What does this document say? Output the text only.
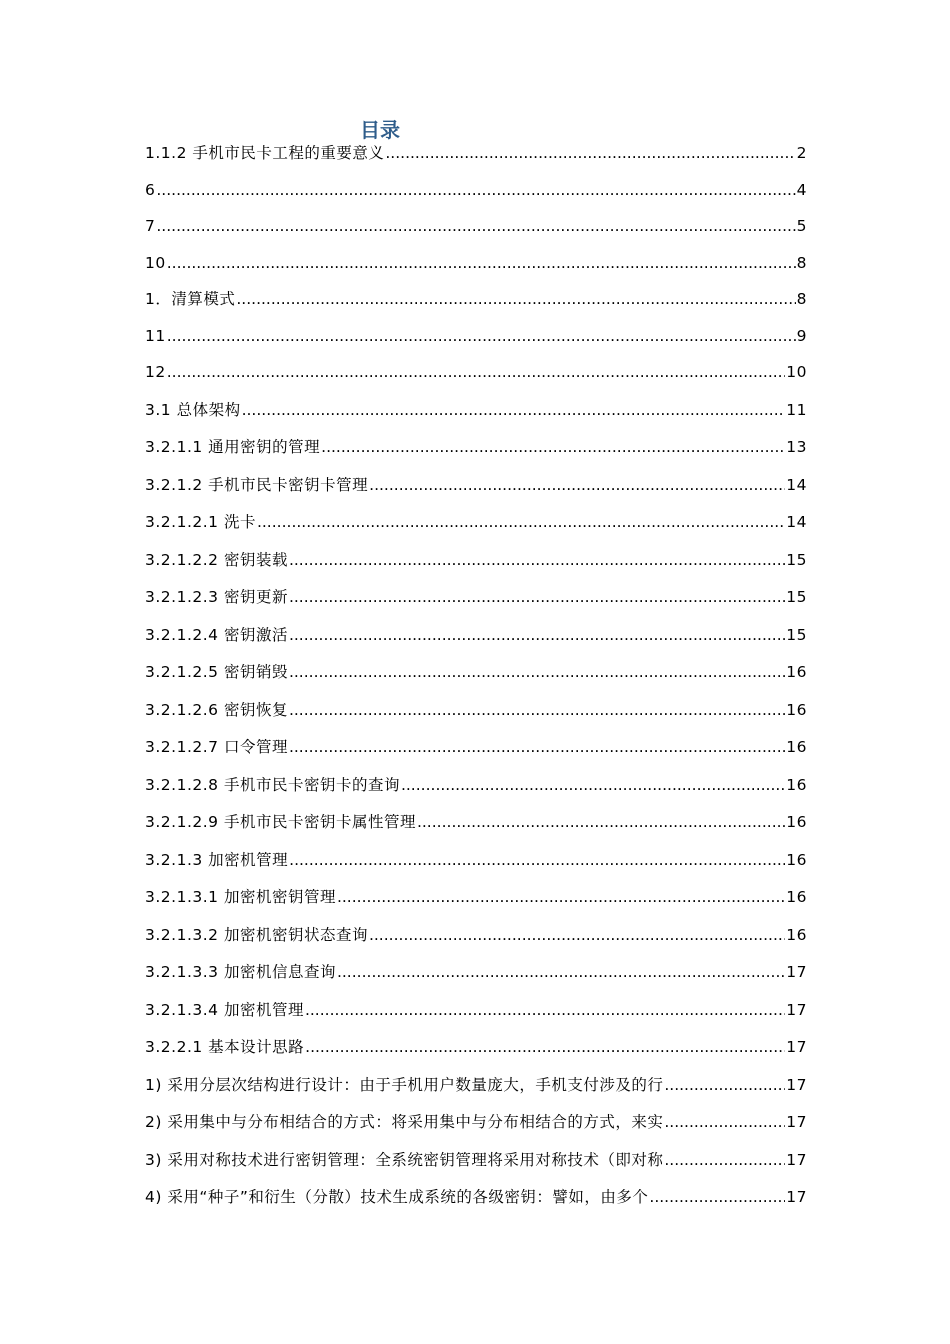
目录
1.1.2 手机市民卡工程的重要意义 .....	2
6 .....	4
7 .....	5
10 .....	8
1．清算模式 .....	8
11 .....	9
12 .....	10
3.1 总体架构 .....	11
3.2.1.1 通用密钥的管理 .....	13
3.2.1.2 手机市民卡密钥卡管理 .....	14
3.2.1.2.1 洗卡 .....	14
3.2.1.2.2 密钥装载 .....	15
3.2.1.2.3 密钥更新 .....	15
3.2.1.2.4 密钥激活 .....	15
3.2.1.2.5 密钥销毁 .....	16
3.2.1.2.6 密钥恢复 .....	16
3.2.1.2.7 口令管理 .....	16
3.2.1.2.8 手机市民卡密钥卡的查询 .....	16
3.2.1.2.9 手机市民卡密钥卡属性管理 .....	16
3.2.1.3 加密机管理 .....	16
3.2.1.3.1 加密机密钥管理 .....	16
3.2.1.3.2 加密机密钥状态查询 .....	16
3.2.1.3.3 加密机信息查询 .....	17
3.2.1.3.4 加密机管理 .....	17
3.2.2.1 基本设计思路 .....	17
1) 采用分层次结构进行设计：由于手机用户数量庞大，手机支付涉及的行 .....	17
2) 采用集中与分布相结合的方式：将采用集中与分布相结合的方式，来实 .....	17
3) 采用对称技术进行密钥管理：全系统密钥管理将采用对称技术（即对称 .....	17
4) 采用“种子”和衍生（分散）技术生成系统的各级密钥：譬如，由多个 .....	17
